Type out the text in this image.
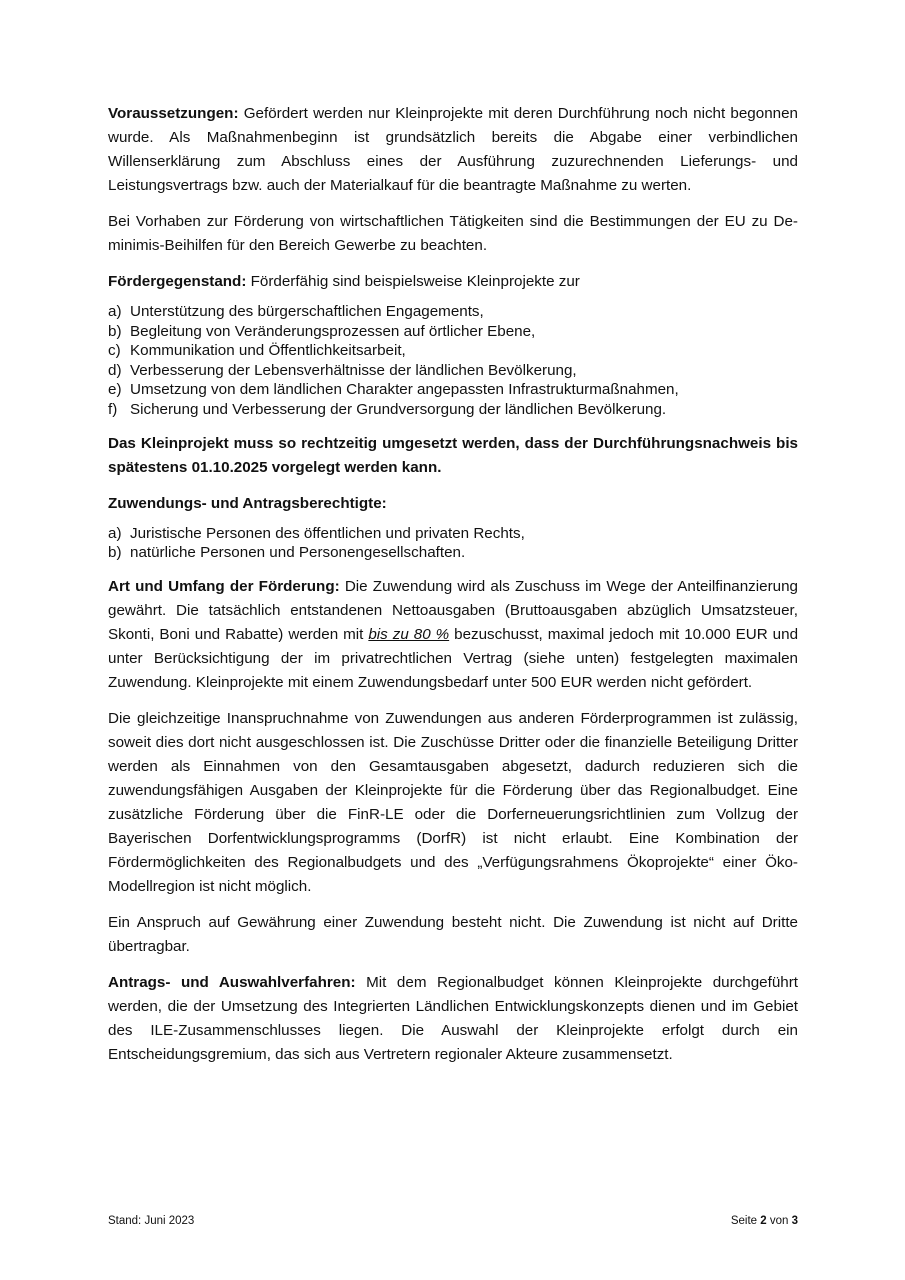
Voraussetzungen: Gefördert werden nur Kleinprojekte mit deren Durchführung noch nicht begonnen wurde. Als Maßnahmenbeginn ist grundsätzlich bereits die Abgabe einer verbindlichen Willenserklärung zum Abschluss eines der Ausführung zuzurechnenden Lieferungs- und Leistungsvertrags bzw. auch der Materialkauf für die beantragte Maßnahme zu werten.

Bei Vorhaben zur Förderung von wirtschaftlichen Tätigkeiten sind die Bestimmungen der EU zu De-minimis-Beihilfen für den Bereich Gewerbe zu beachten.

Fördergegenstand: Förderfähig sind beispielsweise Kleinprojekte zur

a) Unterstützung des bürgerschaftlichen Engagements,
b) Begleitung von Veränderungsprozessen auf örtlicher Ebene,
c) Kommunikation und Öffentlichkeitsarbeit,
d) Verbesserung der Lebensverhältnisse der ländlichen Bevölkerung,
e) Umsetzung von dem ländlichen Charakter angepassten Infrastrukturmaßnahmen,
f) Sicherung und Verbesserung der Grundversorgung der ländlichen Bevölkerung.

Das Kleinprojekt muss so rechtzeitig umgesetzt werden, dass der Durchführungsnachweis bis spätestens 01.10.2025 vorgelegt werden kann.

Zuwendungs- und Antragsberechtigte:

a) Juristische Personen des öffentlichen und privaten Rechts,
b) natürliche Personen und Personengesellschaften.

Art und Umfang der Förderung: Die Zuwendung wird als Zuschuss im Wege der Anteilfinanzierung gewährt. Die tatsächlich entstandenen Nettoausgaben (Bruttoausgaben abzüglich Umsatzsteuer, Skonti, Boni und Rabatte) werden mit bis zu 80 % bezuschusst, maximal jedoch mit 10.000 EUR und unter Berücksichtigung der im privatrechtlichen Vertrag (siehe unten) festgelegten maximalen Zuwendung. Kleinprojekte mit einem Zuwendungsbedarf unter 500 EUR werden nicht gefördert.

Die gleichzeitige Inanspruchnahme von Zuwendungen aus anderen Förderprogrammen ist zulässig, soweit dies dort nicht ausgeschlossen ist. Die Zuschüsse Dritter oder die finanzielle Beteiligung Dritter werden als Einnahmen von den Gesamtausgaben abgesetzt, dadurch reduzieren sich die zuwendungsfähigen Ausgaben der Kleinprojekte für die Förderung über das Regionalbudget. Eine zusätzliche Förderung über die FinR-LE oder die Dorferneuerungsrichtlinien zum Vollzug der Bayerischen Dorfentwicklungsprogramms (DorfR) ist nicht erlaubt. Eine Kombination der Fördermöglichkeiten des Regionalbudgets und des „Verfügungsrahmens Ökoprojekte“ einer Öko-Modellregion ist nicht möglich.

Ein Anspruch auf Gewährung einer Zuwendung besteht nicht. Die Zuwendung ist nicht auf Dritte übertragbar.

Antrags- und Auswahlverfahren: Mit dem Regionalbudget können Kleinprojekte durchgeführt werden, die der Umsetzung des Integrierten Ländlichen Entwicklungskonzepts dienen und im Gebiet des ILE-Zusammenschlusses liegen. Die Auswahl der Kleinprojekte erfolgt durch ein Entscheidungsgremium, das sich aus Vertretern regionaler Akteure zusammensetzt.

Stand: Juni 2023	Seite 2 von 3
